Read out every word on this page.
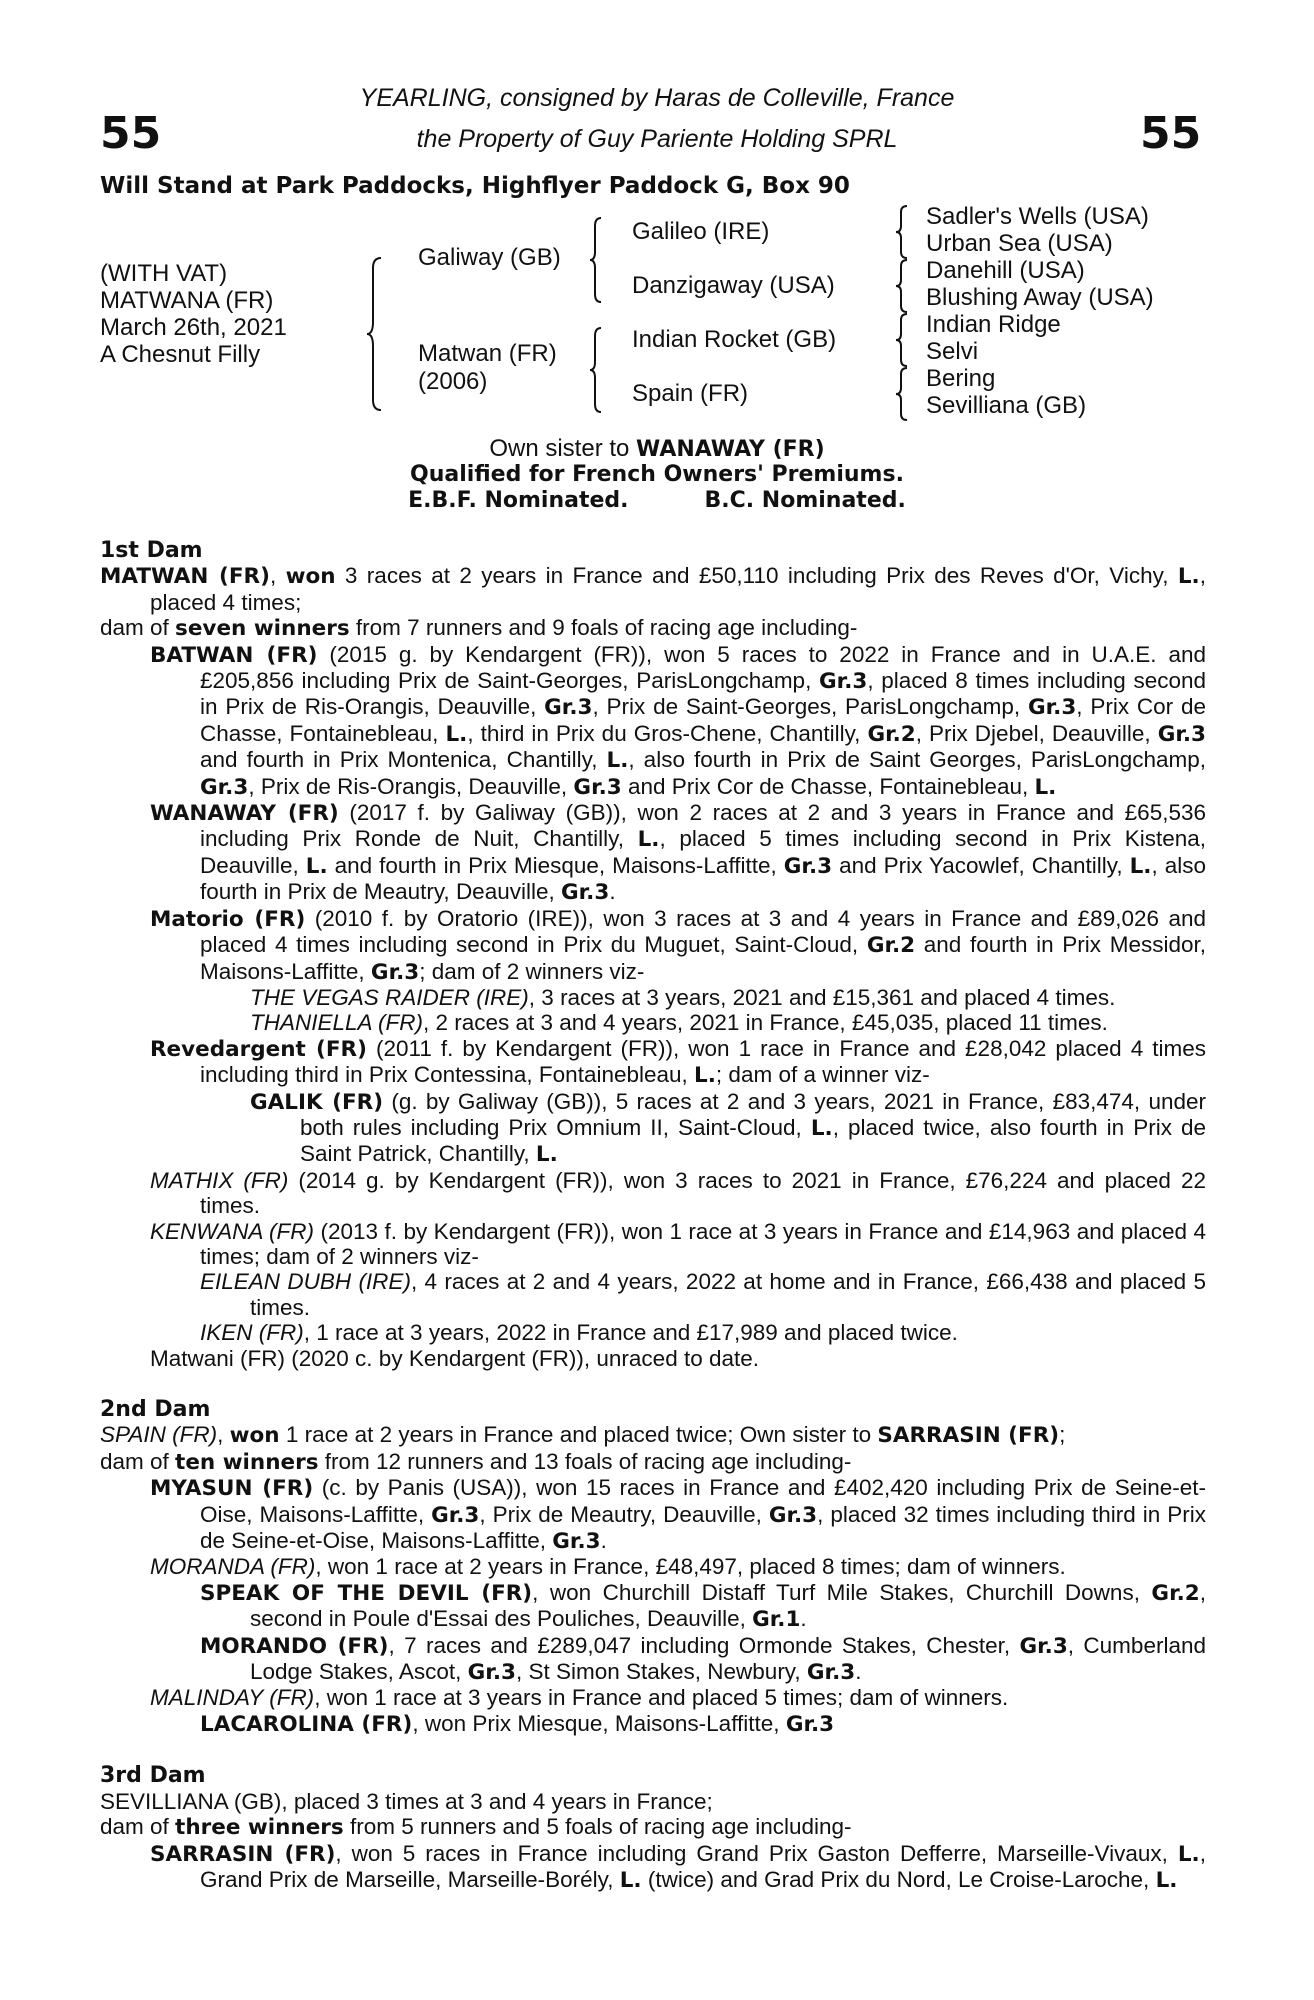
55	55
YEARLING, consigned by Haras de Colleville, France
the Property of Guy Pariente Holding SPRL
Will Stand at Park Paddocks, Highflyer Paddock G, Box 90
(WITH VAT)
MATWANA (FR)
March 26th, 2021
A Chesnut Filly
Galiway (GB)
Matwan (FR)
(2006)
Galileo (IRE)
Danzigaway (USA)
Indian Rocket (GB)
Spain (FR)
Sadler's Wells (USA)
Urban Sea (USA)
Danehill (USA)
Blushing Away (USA)
Indian Ridge
Selvi
Bering
Sevilliana (GB)
Own sister to WANAWAY (FR)
Qualified for French Owners' Premiums.
E.B.F. Nominated.	B.C. Nominated.
1st Dam
MATWAN (FR), won 3 races at 2 years in France and £50,110 including Prix des Reves d'Or, Vichy, L., placed 4 times;
dam of seven winners from 7 runners and 9 foals of racing age including-
BATWAN (FR) (2015 g. by Kendargent (FR)), won 5 races to 2022 in France and in U.A.E. and £205,856 including Prix de Saint-Georges, ParisLongchamp, Gr.3, placed 8 times including second in Prix de Ris-Orangis, Deauville, Gr.3, Prix de Saint-Georges, ParisLongchamp, Gr.3, Prix Cor de Chasse, Fontainebleau, L., third in Prix du Gros-Chene, Chantilly, Gr.2, Prix Djebel, Deauville, Gr.3 and fourth in Prix Montenica, Chantilly, L., also fourth in Prix de Saint Georges, ParisLongchamp, Gr.3, Prix de Ris-Orangis, Deauville, Gr.3 and Prix Cor de Chasse, Fontainebleau, L.
WANAWAY (FR) (2017 f. by Galiway (GB)), won 2 races at 2 and 3 years in France and £65,536 including Prix Ronde de Nuit, Chantilly, L., placed 5 times including second in Prix Kistena, Deauville, L. and fourth in Prix Miesque, Maisons-Laffitte, Gr.3 and Prix Yacowlef, Chantilly, L., also fourth in Prix de Meautry, Deauville, Gr.3.
Matorio (FR) (2010 f. by Oratorio (IRE)), won 3 races at 3 and 4 years in France and £89,026 and placed 4 times including second in Prix du Muguet, Saint-Cloud, Gr.2 and fourth in Prix Messidor, Maisons-Laffitte, Gr.3; dam of 2 winners viz-
THE VEGAS RAIDER (IRE), 3 races at 3 years, 2021 and £15,361 and placed 4 times.
THANIELLA (FR), 2 races at 3 and 4 years, 2021 in France, £45,035, placed 11 times.
Revedargent (FR) (2011 f. by Kendargent (FR)), won 1 race in France and £28,042 placed 4 times including third in Prix Contessina, Fontainebleau, L.; dam of a winner viz-
GALIK (FR) (g. by Galiway (GB)), 5 races at 2 and 3 years, 2021 in France, £83,474, under both rules including Prix Omnium II, Saint-Cloud, L., placed twice, also fourth in Prix de Saint Patrick, Chantilly, L.
MATHIX (FR) (2014 g. by Kendargent (FR)), won 3 races to 2021 in France, £76,224 and placed 22 times.
KENWANA (FR) (2013 f. by Kendargent (FR)), won 1 race at 3 years in France and £14,963 and placed 4 times; dam of 2 winners viz-
EILEAN DUBH (IRE), 4 races at 2 and 4 years, 2022 at home and in France, £66,438 and placed 5 times.
IKEN (FR), 1 race at 3 years, 2022 in France and £17,989 and placed twice.
Matwani (FR) (2020 c. by Kendargent (FR)), unraced to date.
2nd Dam
SPAIN (FR), won 1 race at 2 years in France and placed twice; Own sister to SARRASIN (FR);
dam of ten winners from 12 runners and 13 foals of racing age including-
MYASUN (FR) (c. by Panis (USA)), won 15 races in France and £402,420 including Prix de Seine-et-Oise, Maisons-Laffitte, Gr.3, Prix de Meautry, Deauville, Gr.3, placed 32 times including third in Prix de Seine-et-Oise, Maisons-Laffitte, Gr.3.
MORANDA (FR), won 1 race at 2 years in France, £48,497, placed 8 times; dam of winners.
SPEAK OF THE DEVIL (FR), won Churchill Distaff Turf Mile Stakes, Churchill Downs, Gr.2, second in Poule d'Essai des Pouliches, Deauville, Gr.1.
MORANDO (FR), 7 races and £289,047 including Ormonde Stakes, Chester, Gr.3, Cumberland Lodge Stakes, Ascot, Gr.3, St Simon Stakes, Newbury, Gr.3.
MALINDAY (FR), won 1 race at 3 years in France and placed 5 times; dam of winners.
LACAROLINA (FR), won Prix Miesque, Maisons-Laffitte, Gr.3
3rd Dam
SEVILLIANA (GB), placed 3 times at 3 and 4 years in France;
dam of three winners from 5 runners and 5 foals of racing age including-
SARRASIN (FR), won 5 races in France including Grand Prix Gaston Defferre, Marseille-Vivaux, L., Grand Prix de Marseille, Marseille-Borély, L. (twice) and Grad Prix du Nord, Le Croise-Laroche, L.
